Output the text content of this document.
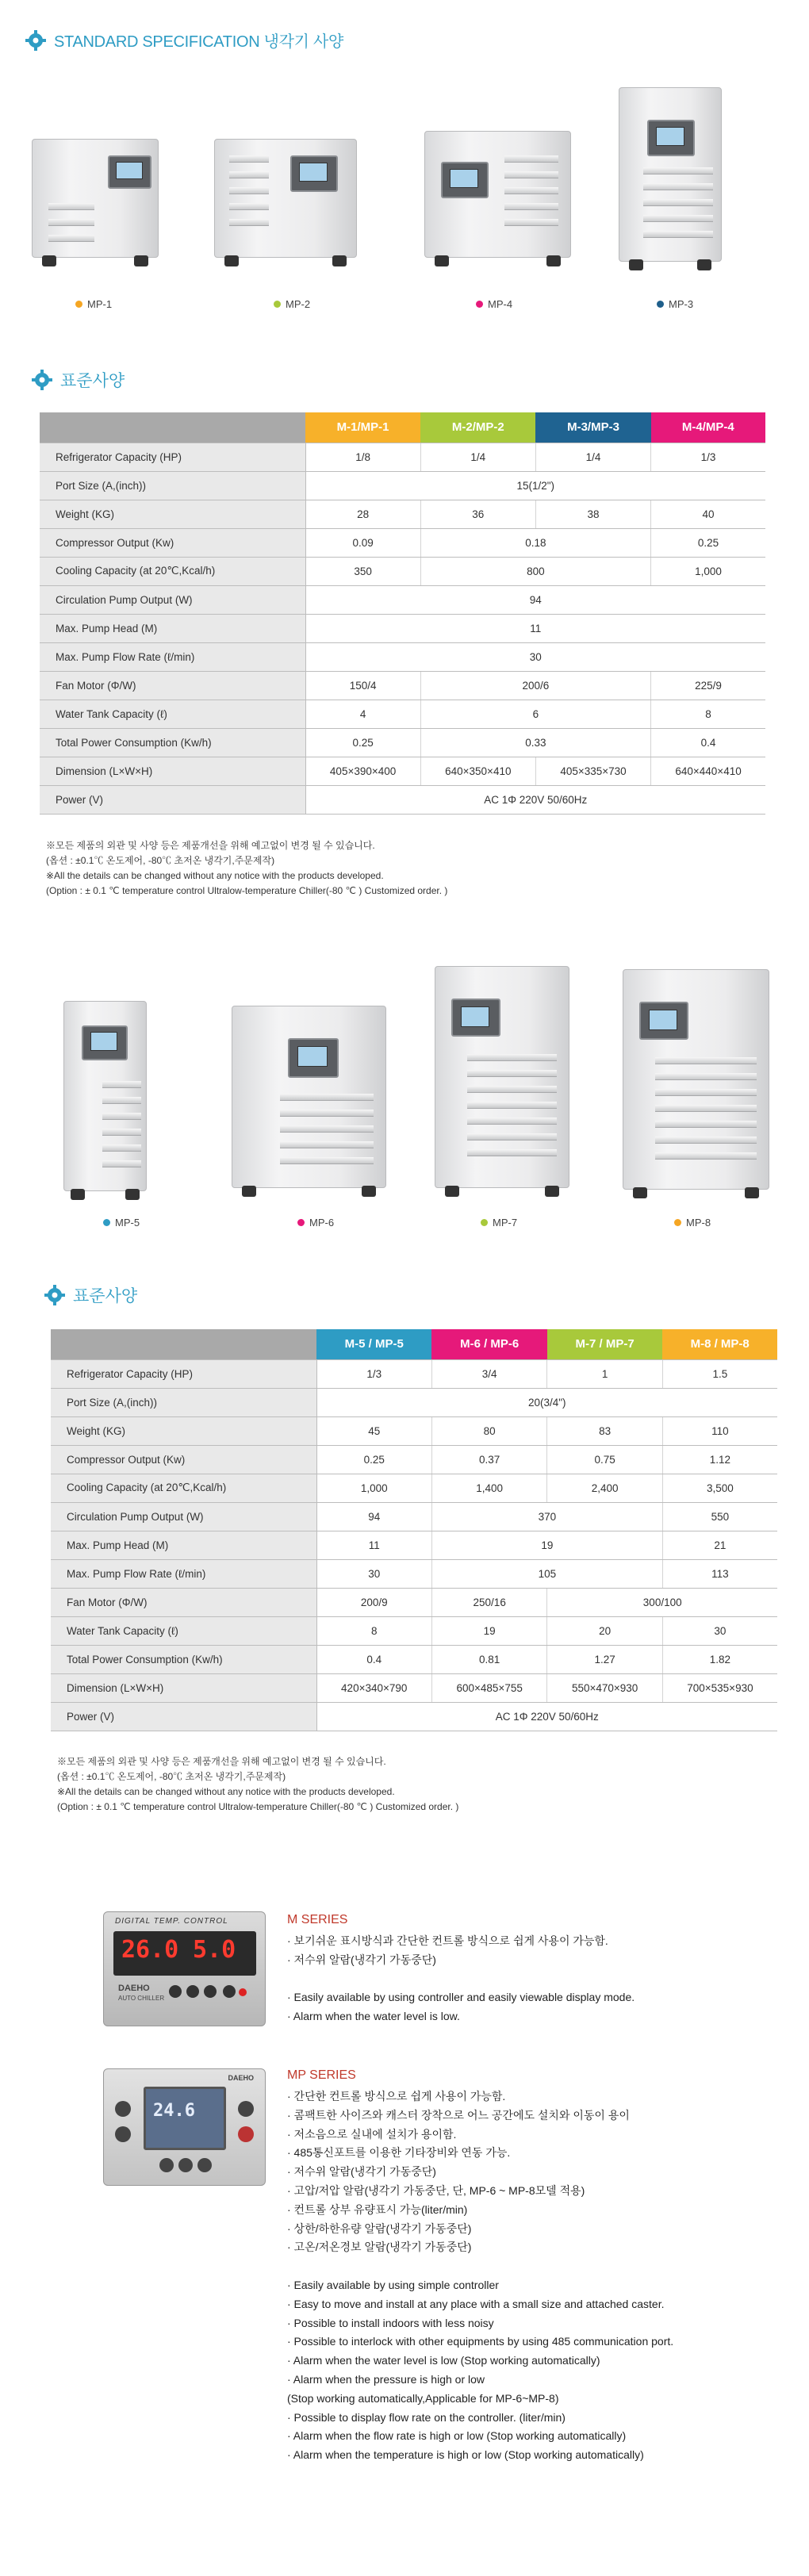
STANDARD SPECIFICATION 냉각기 사양
MP-1	MP-2	MP-4	MP-3
표준사양
	M-1/MP-1	M-2/MP-2	M-3/MP-3	M-4/MP-4
Refrigerator Capacity (HP)	1/8	1/4	1/4	1/3
Port Size (A,(inch))	15(1/2")			
Weight (KG)	28	36	38	40
Compressor Output (Kw)	0.09	0.18		0.25
Cooling Capacity (at 20℃,Kcal/h)	350	800		1,000
Circulation Pump Output (W)	94			
Max. Pump Head (M)	11			
Max. Pump Flow Rate (ℓ/min)	30			
Fan Motor (Φ/W)	150/4	200/6		225/9
Water Tank Capacity (ℓ)	4	6		8
Total Power Consumption (Kw/h)	0.25	0.33		0.4
Dimension (L×W×H)	405×390×400	640×350×410	405×335×730	640×440×410
Power (V)	AC 1Φ 220V 50/60Hz			
※모든 제품의 외관 및 사양 등은 제품개선을 위해 예고없이 변경 될 수 있습니다.
(옵션 : ±0.1℃ 온도제어, -80℃ 초저온 냉각기,주문제작)
※All the details can be changed without any notice with the products developed.
(Option : ± 0.1 ℃ temperature control Ultralow-temperature Chiller(-80 ℃ ) Customized order. )
MP-5	MP-6	MP-7	MP-8
표준사양
	M-5 / MP-5	M-6 / MP-6	M-7 / MP-7	M-8 / MP-8
Refrigerator Capacity (HP)	1/3	3/4	1	1.5
Port Size (A,(inch))	20(3/4")			
Weight (KG)	45	80	83	110
Compressor Output (Kw)	0.25	0.37	0.75	1.12
Cooling Capacity (at 20℃,Kcal/h)	1,000	1,400	2,400	3,500
Circulation Pump Output (W)	94	370		550
Max. Pump Head (M)	11	19		21
Max. Pump Flow Rate (ℓ/min)	30	105		113
Fan Motor (Φ/W)	200/9	250/16	300/100	
Water Tank Capacity (ℓ)	8	19	20	30
Total Power Consumption (Kw/h)	0.4	0.81	1.27	1.82
Dimension (L×W×H)	420×340×790	600×485×755	550×470×930	700×535×930
Power (V)	AC 1Φ 220V 50/60Hz			
※모든 제품의 외관 및 사양 등은 제품개선을 위해 예고없이 변경 될 수 있습니다.
(옵션 : ±0.1℃ 온도제어, -80℃ 초저온 냉각기,주문제작)
※All the details can be changed without any notice with the products developed.
(Option : ± 0.1 ℃ temperature control Ultralow-temperature Chiller(-80 ℃ ) Customized order. )
DIGITAL TEMP. CONTROL
26.0 5.0
DAEHO
AUTO CHILLER
M SERIES
· 보기쉬운 표시방식과 간단한 컨트롤 방식으로 쉽게 사용이 가능함.
· 저수위 알람(냉각기 가동중단)

· Easily available by using controller and easily viewable display mode.
· Alarm when the water level is low.
DAEHO
24.6
MP SERIES
· 간단한 컨트롤 방식으로 쉽게 사용이 가능함.
· 콤팩트한 사이즈와 캐스터 장착으로 어느 공간에도 설치와 이동이 용이
· 저소음으로 실내에 설치가 용이함.
· 485통신포트를 이용한 기타장비와 연동 가능.
· 저수위 알람(냉각기 가동중단)
· 고압/저압 알람(냉각기 가동중단, 단, MP-6 ~ MP-8모델 적용)
· 컨트롤 상부 유량표시 가능(liter/min)
· 상한/하한유량 알람(냉각기 가동중단)
· 고온/저온경보 알람(냉각기 가동중단)

· Easily available by using simple controller
· Easy to move and install at any place with a small size and attached caster.
· Possible to install indoors with less noisy
· Possible to interlock with other equipments by using 485 communication port.
· Alarm when the water level is low (Stop working automatically)
· Alarm when the pressure is high or low
(Stop working automatically,Applicable for MP-6~MP-8)
· Possible to display flow rate on the controller. (liter/min)
· Alarm when the flow rate is high or low (Stop working automatically)
· Alarm when the temperature is high or low (Stop working automatically)
